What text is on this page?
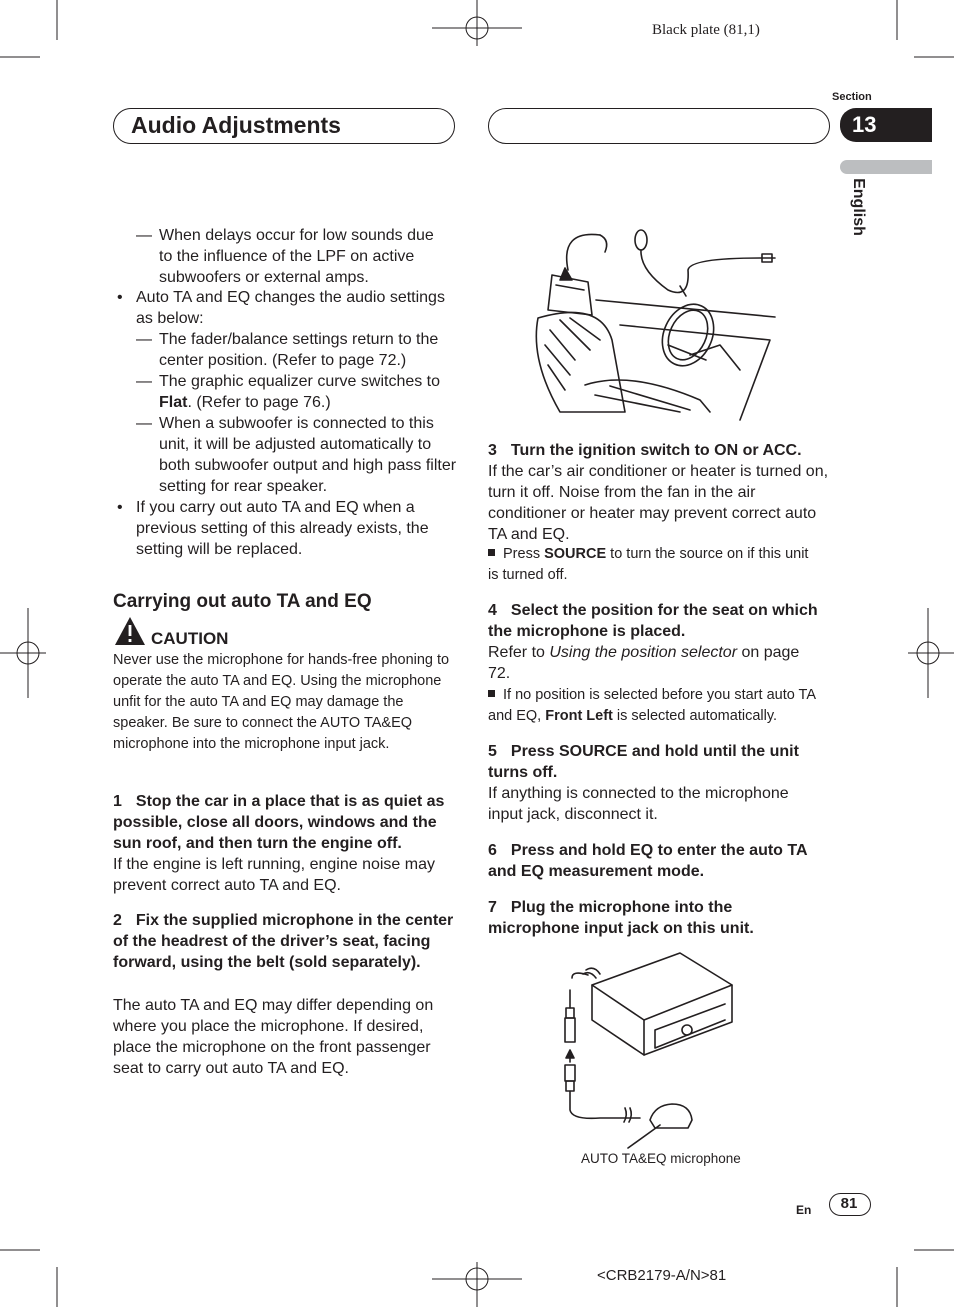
Black plate (81,1)
Audio Adjustments
Section
13
English
— When delays occur for low sounds due to the influence of the LPF on active subwoofers or external amps.
• Auto TA and EQ changes the audio settings as below:
— The fader/balance settings return to the center position. (Refer to page 72.)
— The graphic equalizer curve switches to Flat. (Refer to page 76.)
— When a subwoofer is connected to this unit, it will be adjusted automatically to both subwoofer output and high pass filter setting for rear speaker.
• If you carry out auto TA and EQ when a previous setting of this already exists, the setting will be replaced.
Carrying out auto TA and EQ
CAUTION
Never use the microphone for hands-free phoning to operate the auto TA and EQ. Using the microphone unfit for the auto TA and EQ may damage the speaker. Be sure to connect the AUTO TA&EQ microphone into the microphone input jack.
1 Stop the car in a place that is as quiet as possible, close all doors, windows and the sun roof, and then turn the engine off.
If the engine is left running, engine noise may prevent correct auto TA and EQ.
2 Fix the supplied microphone in the center of the headrest of the driver’s seat, facing forward, using the belt (sold separately).
The auto TA and EQ may differ depending on where you place the microphone. If desired, place the microphone on the front passenger seat to carry out auto TA and EQ.
3 Turn the ignition switch to ON or ACC.
If the car’s air conditioner or heater is turned on, turn it off. Noise from the fan in the air conditioner or heater may prevent correct auto TA and EQ.
Press SOURCE to turn the source on if this unit is turned off.
4 Select the position for the seat on which the microphone is placed.
Refer to Using the position selector on page 72.
If no position is selected before you start auto TA and EQ, Front Left is selected automatically.
5 Press SOURCE and hold until the unit turns off.
If anything is connected to the microphone input jack, disconnect it.
6 Press and hold EQ to enter the auto TA and EQ measurement mode.
7 Plug the microphone into the microphone input jack on this unit.
AUTO TA&EQ microphone
En	81
<CRB2179-A/N>81
